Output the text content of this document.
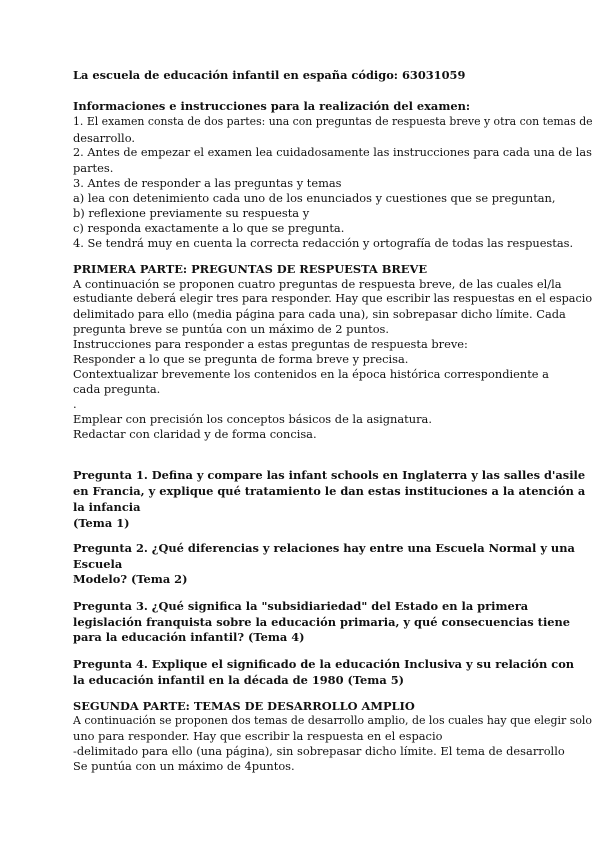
La escuela de educación infantil en españa código: 63031059
Informaciones e instrucciones para la realización del examen:
1. El examen consta de dos partes: una con preguntas de respuesta breve y otra con temas de
desarrollo.
2. Antes de empezar el examen lea cuidadosamente las instrucciones para cada una de las
partes.
3. Antes de responder a las preguntas y temas
a) lea con detenimiento cada uno de los enunciados y cuestiones que se preguntan,
b) reflexione previamente su respuesta y
c) responda exactamente a lo que se pregunta.
4. Se tendrá muy en cuenta la correcta redacción y ortografía de todas las respuestas.
PRIMERA PARTE: PREGUNTAS DE RESPUESTA BREVE
A continuación se proponen cuatro preguntas de respuesta breve, de las cuales el/la
estudiante deberá elegir tres para responder. Hay que escribir las respuestas en el espacio
delimitado para ello (media página para cada una), sin sobrepasar dicho límite. Cada
pregunta breve se puntúa con un máximo de 2 puntos.
Instrucciones para responder a estas preguntas de respuesta breve:
Responder a lo que se pregunta de forma breve y precisa.
Contextualizar brevemente los contenidos en la época histórica correspondiente a
cada pregunta.
.
Emplear con precisión los conceptos básicos de la asignatura.
Redactar con claridad y de forma concisa.
Pregunta 1. Defina y compare las infant schools en Inglaterra y las salles d'asile
en Francia, y explique qué tratamiento le dan estas instituciones a la atención a
la infancia
(Tema 1)
Pregunta 2. ¿Qué diferencias y relaciones hay entre una Escuela Normal y una
Escuela
Modelo? (Tema 2)
Pregunta 3. ¿Qué significa la "subsidiariedad" del Estado en la primera
legislación franquista sobre la educación primaria, y qué consecuencias tiene
para la educación infantil? (Tema 4)
Pregunta 4. Explique el significado de la educación Inclusiva y su relación con
la educación infantil en la década de 1980 (Tema 5)
SEGUNDA PARTE: TEMAS DE DESARROLLO AMPLIO
A continuación se proponen dos temas de desarrollo amplio, de los cuales hay que elegir solo
uno para responder. Hay que escribir la respuesta en el espacio
-delimitado para ello (una página), sin sobrepasar dicho límite. El tema de desarrollo
Se puntúa con un máximo de 4puntos.
